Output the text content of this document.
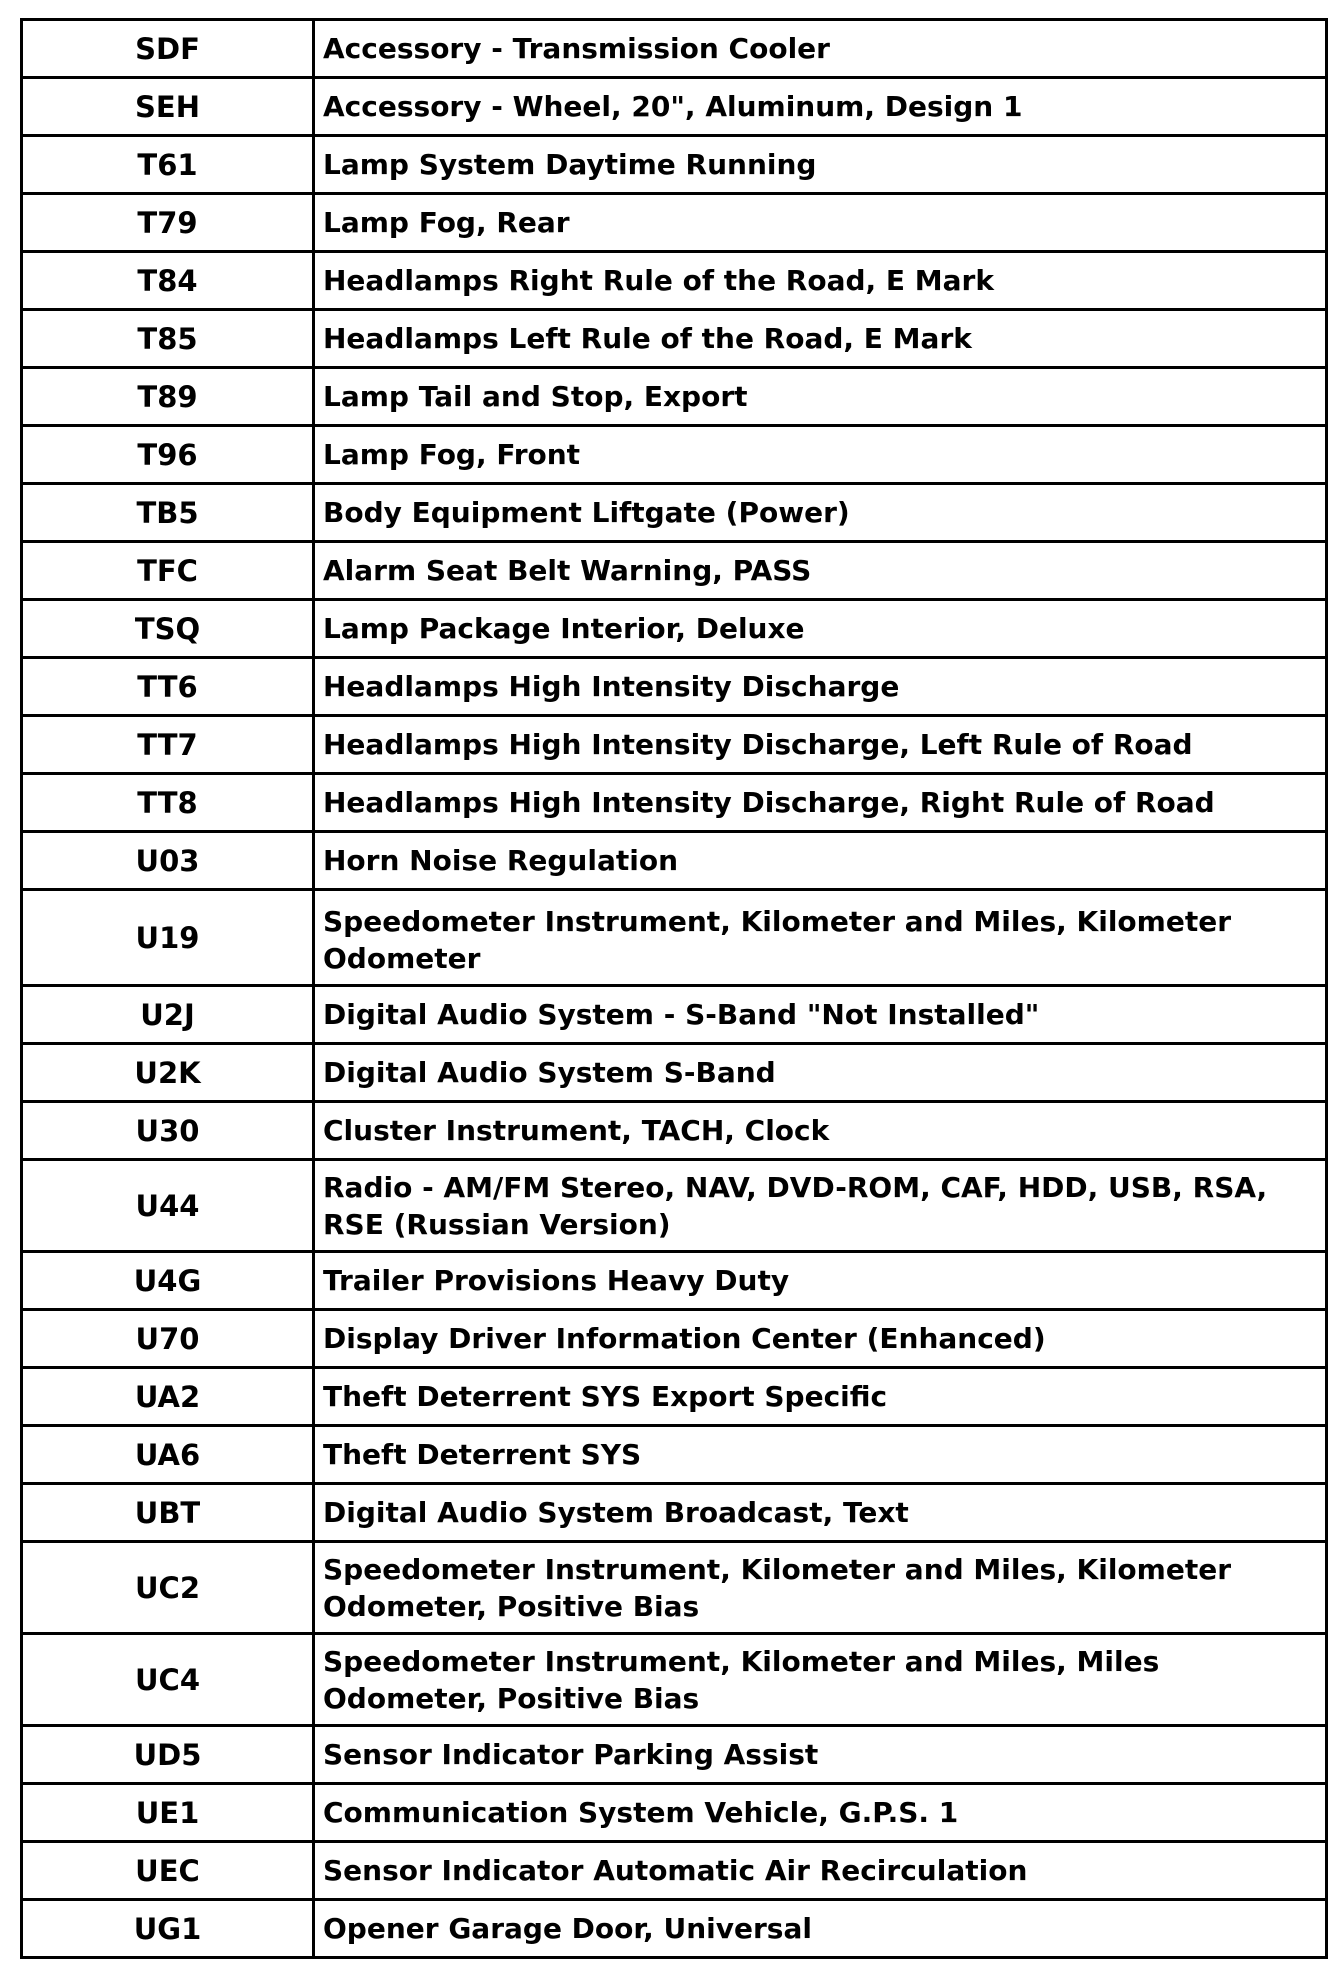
SDF	Accessory - Transmission Cooler
SEH	Accessory - Wheel, 20", Aluminum, Design 1
T61	Lamp System Daytime Running
T79	Lamp Fog, Rear
T84	Headlamps Right Rule of the Road, E Mark
T85	Headlamps Left Rule of the Road, E Mark
T89	Lamp Tail and Stop, Export
T96	Lamp Fog, Front
TB5	Body Equipment Liftgate (Power)
TFC	Alarm Seat Belt Warning, PASS
TSQ	Lamp Package Interior, Deluxe
TT6	Headlamps High Intensity Discharge
TT7	Headlamps High Intensity Discharge, Left Rule of Road
TT8	Headlamps High Intensity Discharge, Right Rule of Road
U03	Horn Noise Regulation
U19	Speedometer Instrument, Kilometer and Miles, Kilometer Odometer
U2J	Digital Audio System - S-Band "Not Installed"
U2K	Digital Audio System S-Band
U30	Cluster Instrument, TACH, Clock
U44	Radio - AM/FM Stereo, NAV, DVD-ROM, CAF, HDD, USB, RSA, RSE (Russian Version)
U4G	Trailer Provisions Heavy Duty
U70	Display Driver Information Center (Enhanced)
UA2	Theft Deterrent SYS Export Specific
UA6	Theft Deterrent SYS
UBT	Digital Audio System Broadcast, Text
UC2	Speedometer Instrument, Kilometer and Miles, Kilometer Odometer, Positive Bias
UC4	Speedometer Instrument, Kilometer and Miles, Miles Odometer, Positive Bias
UD5	Sensor Indicator Parking Assist
UE1	Communication System Vehicle, G.P.S. 1
UEC	Sensor Indicator Automatic Air Recirculation
UG1	Opener Garage Door, Universal
